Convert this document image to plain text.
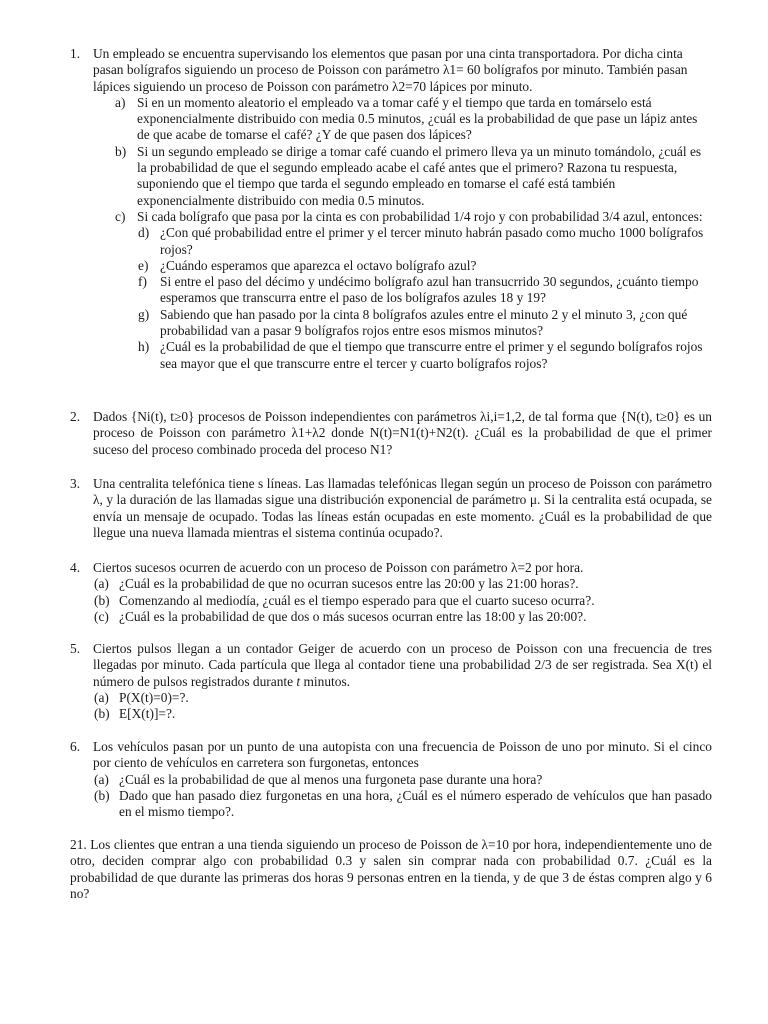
1. Un empleado se encuentra supervisando los elementos que pasan por una cinta transportadora. Por dicha cinta pasan bolígrafos siguiendo un proceso de Poisson con parámetro λ1= 60 bolígrafos por minuto. También pasan lápices siguiendo un proceso de Poisson con parámetro λ2=70 lápices por minuto.

a) Si en un momento aleatorio el empleado va a tomar café y el tiempo que tarda en tomárselo está exponencialmente distribuido con media 0.5 minutos, ¿cuál es la probabilidad de que pase un lápiz antes de que acabe de tomarse el café? ¿Y de que pasen dos lápices?

b) Si un segundo empleado se dirige a tomar café cuando el primero lleva ya un minuto tomándolo, ¿cuál es la probabilidad de que el segundo empleado acabe el café antes que el primero? Razona tu respuesta, suponiendo que el tiempo que tarda el segundo empleado en tomarse el café está también exponencialmente distribuido con media 0.5 minutos.

c) Si cada bolígrafo que pasa por la cinta es con probabilidad 1/4 rojo y con probabilidad 3/4 azul, entonces:

d) ¿Con qué probabilidad entre el primer y el tercer minuto habrán pasado como mucho 1000 bolígrafos rojos?

e) ¿Cuándo esperamos que aparezca el octavo bolígrafo azul?

f) Si entre el paso del décimo y undécimo bolígrafo azul han transucrrido 30 segundos, ¿cuánto tiempo esperamos que transcurra entre el paso de los bolígrafos azules 18 y 19?

g) Sabiendo que han pasado por la cinta 8 bolígrafos azules entre el minuto 2 y el minuto 3, ¿con qué probabilidad van a pasar 9 bolígrafos rojos entre esos mismos minutos?

h) ¿Cuál es la probabilidad de que el tiempo que transcurre entre el primer y el segundo bolígrafos rojos sea mayor que el que transcurre entre el tercer y cuarto bolígrafos rojos?

2. Dados {Ni(t), t≥0} procesos de Poisson independientes con parámetros λi,i=1,2, de tal forma que {N(t), t≥0} es un proceso de Poisson con parámetro λ1+λ2 donde N(t)=N1(t)+N2(t). ¿Cuál es la probabilidad de que el primer suceso del proceso combinado proceda del proceso N1?

3. Una centralita telefónica tiene s líneas. Las llamadas telefónicas llegan según un proceso de Poisson con parámetro λ, y la duración de las llamadas sigue una distribución exponencial de parámetro μ. Si la centralita está ocupada, se envía un mensaje de ocupado. Todas las líneas están ocupadas en este momento. ¿Cuál es la probabilidad de que llegue una nueva llamada mientras el sistema continúa ocupado?.

4. Ciertos sucesos ocurren de acuerdo con un proceso de Poisson con parámetro λ=2 por hora.

(a) ¿Cuál es la probabilidad de que no ocurran sucesos entre las 20:00 y las 21:00 horas?.

(b) Comenzando al mediodía, ¿cuál es el tiempo esperado para que el cuarto suceso ocurra?.

(c) ¿Cuál es la probabilidad de que dos o más sucesos ocurran entre las 18:00 y las 20:00?.

5. Ciertos pulsos llegan a un contador Geiger de acuerdo con un proceso de Poisson con una frecuencia de tres llegadas por minuto. Cada partícula que llega al contador tiene una probabilidad 2/3 de ser registrada. Sea X(t) el número de pulsos registrados durante t minutos.

(a) P(X(t)=0)=?.

(b) E[X(t)]=?.

6. Los vehículos pasan por un punto de una autopista con una frecuencia de Poisson de uno por minuto. Si el cinco por ciento de vehículos en carretera son furgonetas, entonces

(a) ¿Cuál es la probabilidad de que al menos una furgoneta pase durante una hora?

(b) Dado que han pasado diez furgonetas en una hora, ¿Cuál es el número esperado de vehículos que han pasado en el mismo tiempo?.

21. Los clientes que entran a una tienda siguiendo un proceso de Poisson de λ=10 por hora, independientemente uno de otro, deciden comprar algo con probabilidad 0.3 y salen sin comprar nada con probabilidad 0.7. ¿Cuál es la probabilidad de que durante las primeras dos horas 9 personas entren en la tienda, y de que 3 de éstas compren algo y 6 no?
